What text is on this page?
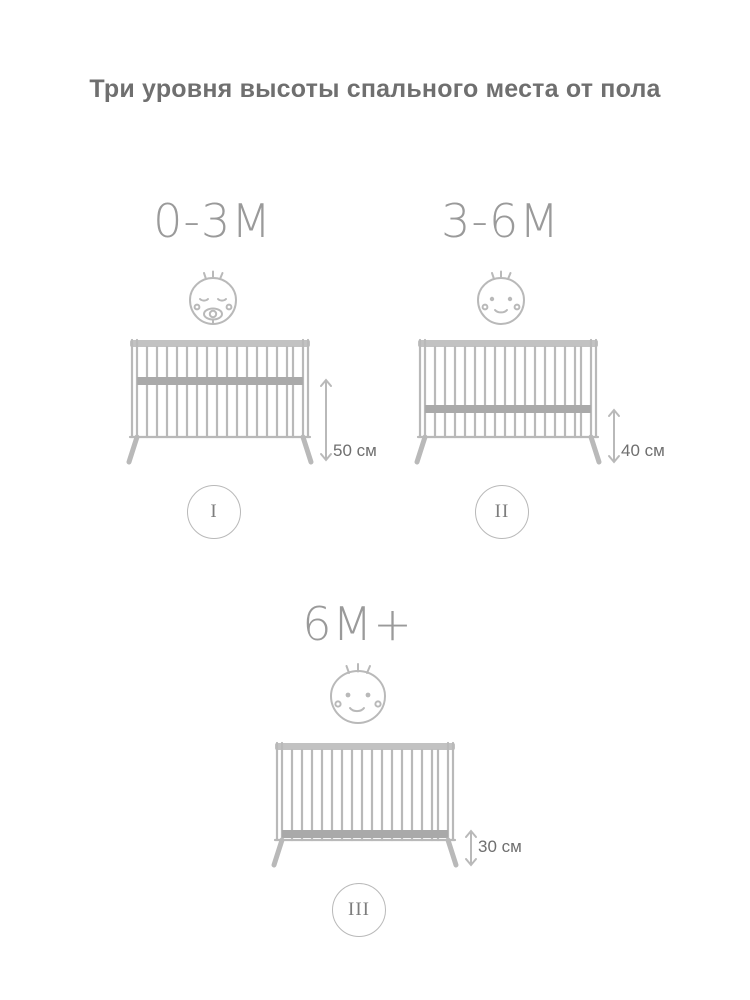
Три уровня высоты спального места от пола
0-3М
50 см
I
3-6М
40 см
II
6М+
30 см
III
